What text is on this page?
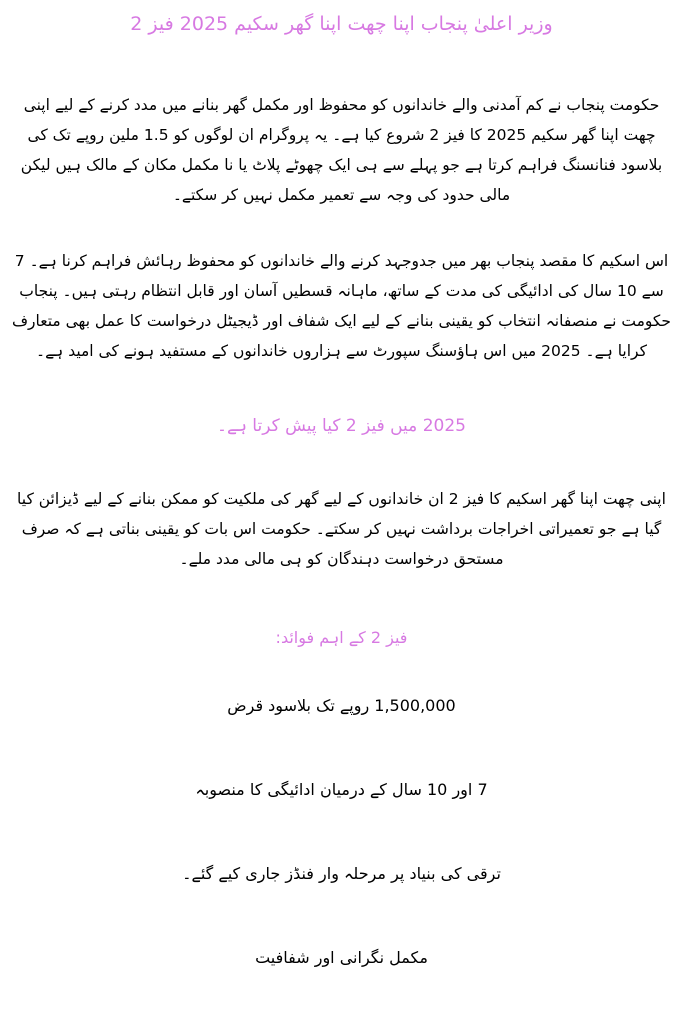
وزیر اعلیٰ پنجاب اپنا چھت اپنا گھر سکیم 2025 فیز 2

حکومت پنجاب نے کم آمدنی والے خاندانوں کو محفوظ اور مکمل گھر بنانے میں مدد کرنے کے لیے اپنی چھت اپنا گھر سکیم 2025 کا فیز 2 شروع کیا ہے۔ یہ پروگرام ان لوگوں کو 1.5 ملین روپے تک کی بلاسود فنانسنگ فراہم کرتا ہے جو پہلے سے ہی ایک چھوٹے پلاٹ یا نا مکمل مکان کے مالک ہیں لیکن مالی حدود کی وجہ سے تعمیر مکمل نہیں کر سکتے۔

اس اسکیم کا مقصد پنجاب بھر میں جدوجہد کرنے والے خاندانوں کو محفوظ رہائش فراہم کرنا ہے۔ 7 سے 10 سال کی ادائیگی کی مدت کے ساتھ، ماہانہ قسطیں آسان اور قابل انتظام رہتی ہیں۔ پنجاب حکومت نے منصفانہ انتخاب کو یقینی بنانے کے لیے ایک شفاف اور ڈیجیٹل درخواست کا عمل بھی متعارف کرایا ہے۔ 2025 میں اس ہاؤسنگ سپورٹ سے ہزاروں خاندانوں کے مستفید ہونے کی امید ہے۔

2025 میں فیز 2 کیا پیش کرتا ہے۔

اپنی چھت اپنا گھر اسکیم کا فیز 2 ان خاندانوں کے لیے گھر کی ملکیت کو ممکن بنانے کے لیے ڈیزائن کیا گیا ہے جو تعمیراتی اخراجات برداشت نہیں کر سکتے۔ حکومت اس بات کو یقینی بناتی ہے کہ صرف مستحق درخواست دہندگان کو ہی مالی مدد ملے۔

فیز 2 کے اہم فوائد:
1,500,000 روپے تک بلاسود قرض
7 اور 10 سال کے درمیان ادائیگی کا منصوبہ
ترقی کی بنیاد پر مرحلہ وار فنڈز جاری کیے گئے۔
مکمل نگرانی اور شفافیت
